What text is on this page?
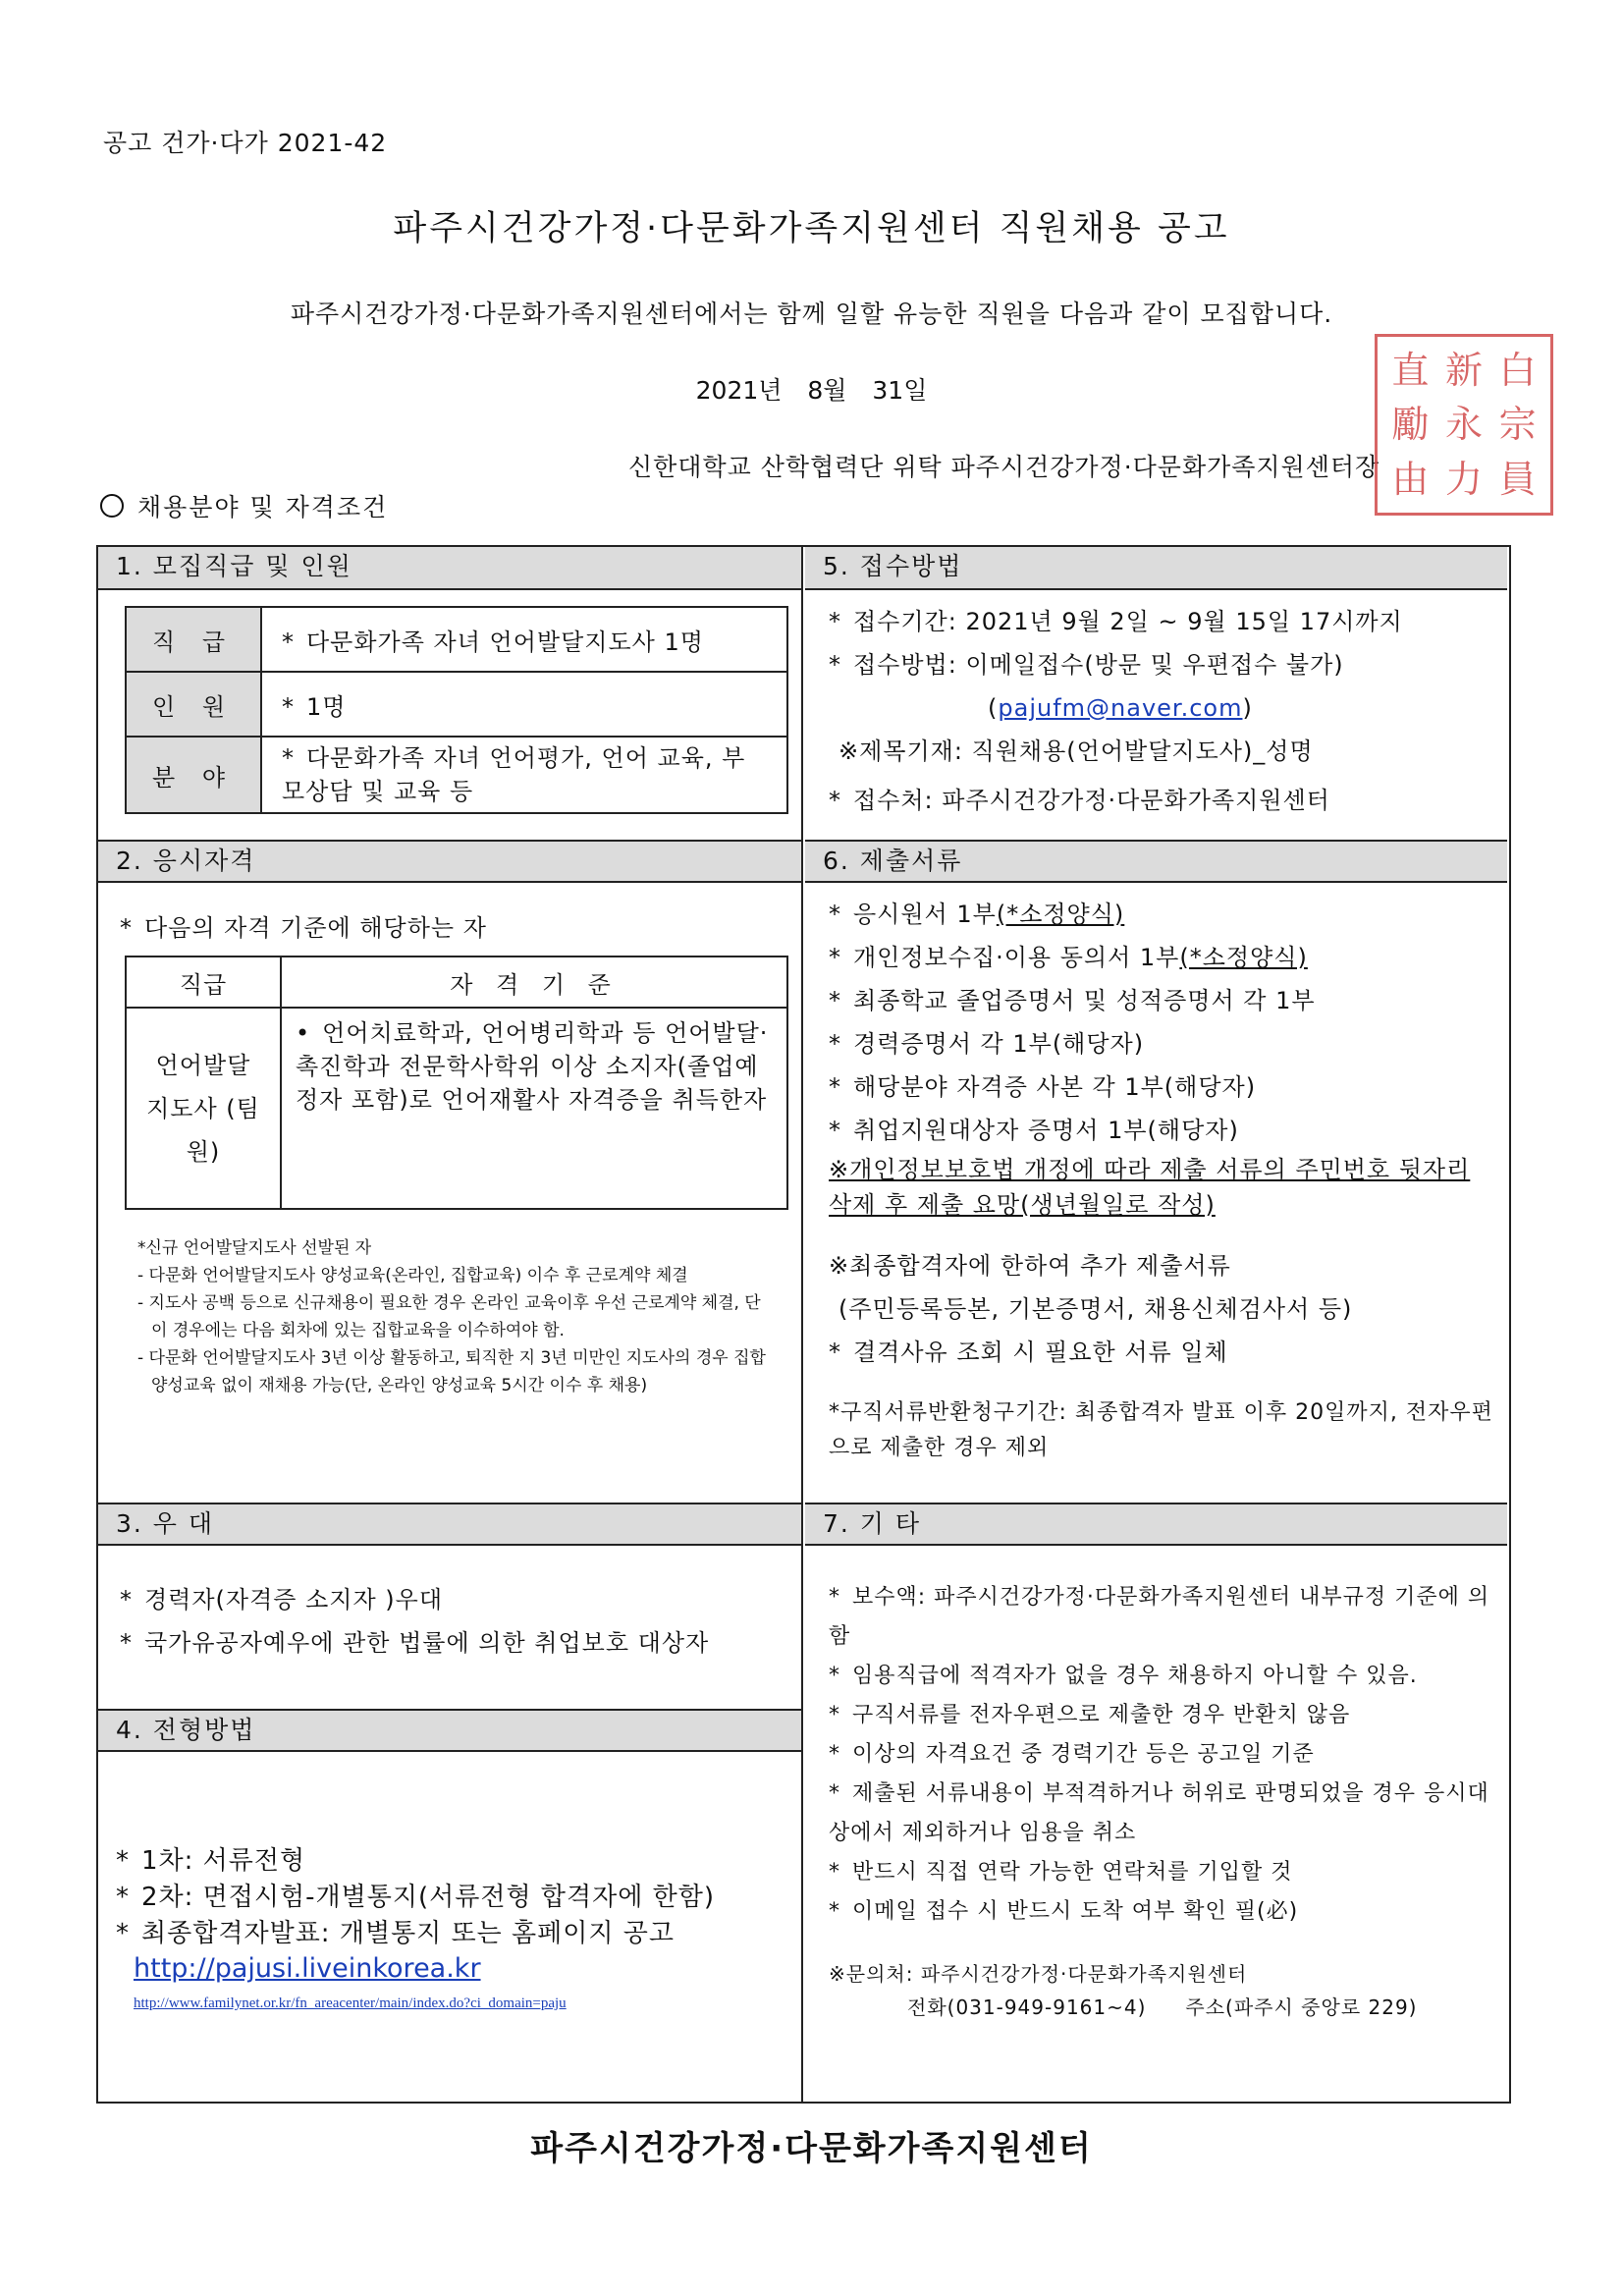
공고 건가·다가 2021-42
파주시건강가정·다문화가족지원센터 직원채용 공고
파주시건강가정·다문화가족지원센터에서는 함께 일할 유능한 직원을 다음과 같이 모집합니다.
2021년 8월 31일
신한대학교 산학협력단 위탁 파주시건강가정·다문화가족지원센터장
直 新 白
勵 永 宗
由 力 員
채용분야 및 자격조건
1. 모집직급 및 인원
2. 응시자격
3. 우 대
4. 전형방법
5. 접수방법
6. 제출서류
7. 기 타
직 급	* 다문화가족 자녀 언어발달지도사 1명
인 원	* 1명
분 야	* 다문화가족 자녀 언어평가, 언어 교육, 부모상담 및 교육 등
* 다음의 자격 기준에 해당하는 자
직급	자 격 기 준
언어발달 지도사 (팀원)	• 언어치료학과, 언어병리학과 등 언어발달·촉진학과 전문학사학위 이상 소지자(졸업예정자 포함)로 언어재활사 자격증을 취득한자
*신규 언어발달지도사 선발된 자
- 다문화 언어발달지도사 양성교육(온라인, 집합교육) 이수 후 근로계약 체결
- 지도사 공백 등으로 신규채용이 필요한 경우 온라인 교육이후 우선 근로계약 체결, 단 이 경우에는 다음 회차에 있는 집합교육을 이수하여야 함.
- 다문화 언어발달지도사 3년 이상 활동하고, 퇴직한 지 3년 미만인 지도사의 경우 집합양성교육 없이 재채용 가능(단, 온라인 양성교육 5시간 이수 후 채용)
* 경력자(자격증 소지자 )우대
* 국가유공자예우에 관한 법률에 의한 취업보호 대상자
* 1차: 서류전형
* 2차: 면접시험-개별통지(서류전형 합격자에 한함)
* 최종합격자발표: 개별통지 또는 홈페이지 공고
http://pajusi.liveinkorea.kr
http://www.familynet.or.kr/fn_areacenter/main/index.do?ci_domain=paju
* 접수기간: 2021년 9월 2일 ~ 9월 15일 17시까지
* 접수방법: 이메일접수(방문 및 우편접수 불가)
(pajufm@naver.com)
※제목기재: 직원채용(언어발달지도사)_성명
* 접수처: 파주시건강가정·다문화가족지원센터
* 응시원서 1부(*소정양식)
* 개인정보수집·이용 동의서 1부(*소정양식)
* 최종학교 졸업증명서 및 성적증명서 각 1부
* 경력증명서 각 1부(해당자)
* 해당분야 자격증 사본 각 1부(해당자)
* 취업지원대상자 증명서 1부(해당자)
※개인정보보호법 개정에 따라 제출 서류의 주민번호 뒷자리 삭제 후 제출 요망(생년월일로 작성)
※최종합격자에 한하여 추가 제출서류
(주민등록등본, 기본증명서, 채용신체검사서 등)
* 결격사유 조회 시 필요한 서류 일체
*구직서류반환청구기간: 최종합격자 발표 이후 20일까지, 전자우편으로 제출한 경우 제외
* 보수액: 파주시건강가정·다문화가족지원센터 내부규정 기준에 의함
* 임용직급에 적격자가 없을 경우 채용하지 아니할 수 있음.
* 구직서류를 전자우편으로 제출한 경우 반환치 않음
* 이상의 자격요건 중 경력기간 등은 공고일 기준
* 제출된 서류내용이 부적격하거나 허위로 판명되었을 경우 응시대상에서 제외하거나 임용을 취소
* 반드시 직접 연락 가능한 연락처를 기입할 것
* 이메일 접수 시 반드시 도착 여부 확인 필(必)
※문의처: 파주시건강가정·다문화가족지원센터
전화(031-949-9161~4) 주소(파주시 중앙로 229)
파주시건강가정·다문화가족지원센터
